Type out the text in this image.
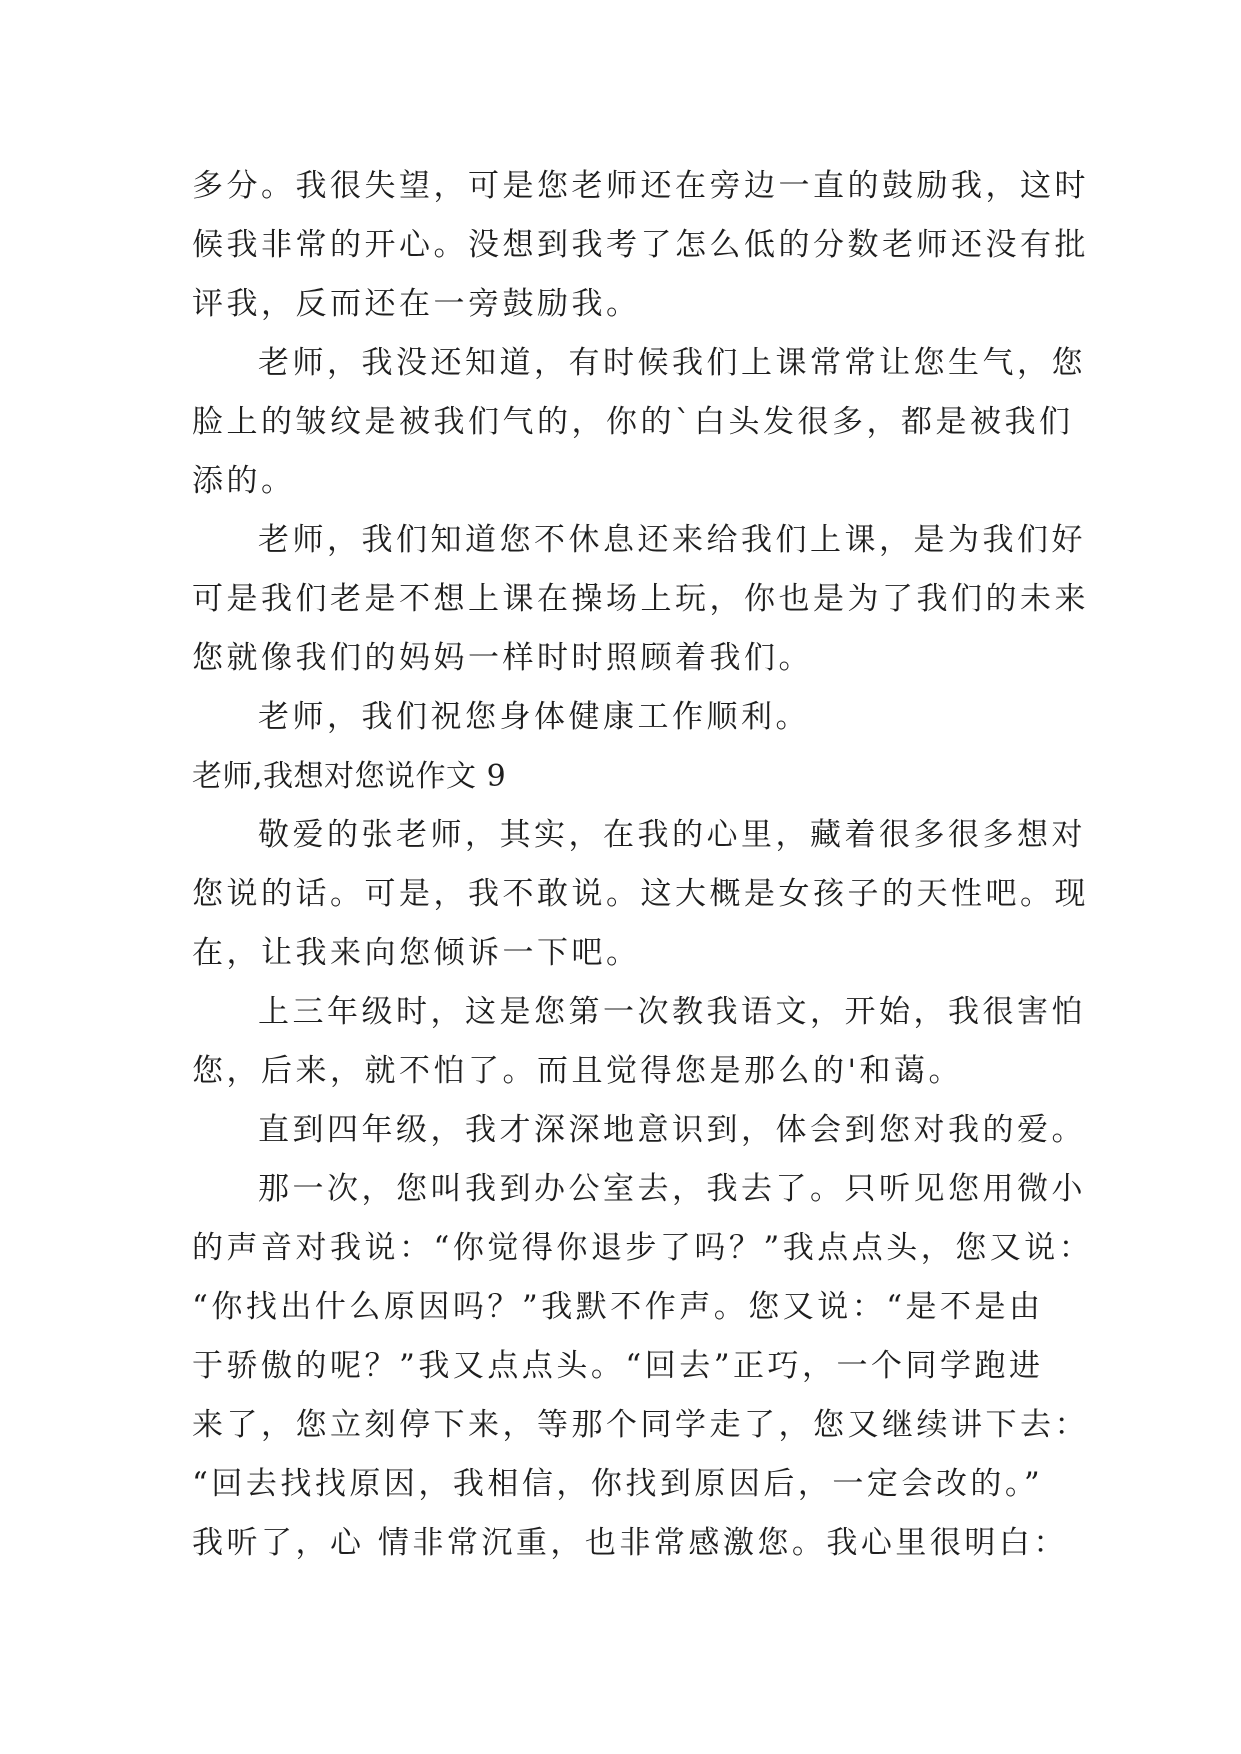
多分。我很失望，可是您老师还在旁边一直的鼓励我，这时
候我非常的开心。没想到我考了怎么低的分数老师还没有批
评我，反而还在一旁鼓励我。
老师，我没还知道，有时候我们上课常常让您生气，您
脸上的皱纹是被我们气的，你的`白头发很多，都是被我们
添的。
老师，我们知道您不休息还来给我们上课，是为我们好
可是我们老是不想上课在操场上玩，你也是为了我们的未来
您就像我们的妈妈一样时时照顾着我们。
老师，我们祝您身体健康工作顺利。
老师,我想对您说作文 9
敬爱的张老师，其实，在我的心里，藏着很多很多想对
您说的话。可是，我不敢说。这大概是女孩子的天性吧。现
在，让我来向您倾诉一下吧。
上三年级时，这是您第一次教我语文，开始，我很害怕
您，后来，就不怕了。而且觉得您是那么的'和蔼。
直到四年级，我才深深地意识到，体会到您对我的爱。
那一次，您叫我到办公室去，我去了。只听见您用微小
的声音对我说：“你觉得你退步了吗？”我点点头，您又说：
“你找出什么原因吗？”我默不作声。您又说：“是不是由
于骄傲的呢？”我又点点头。“回去”正巧，一个同学跑进
来了，您立刻停下来，等那个同学走了，您又继续讲下去：
“回去找找原因，我相信，你找到原因后，一定会改的。”
我听了，心 情非常沉重，也非常感激您。我心里很明白：
